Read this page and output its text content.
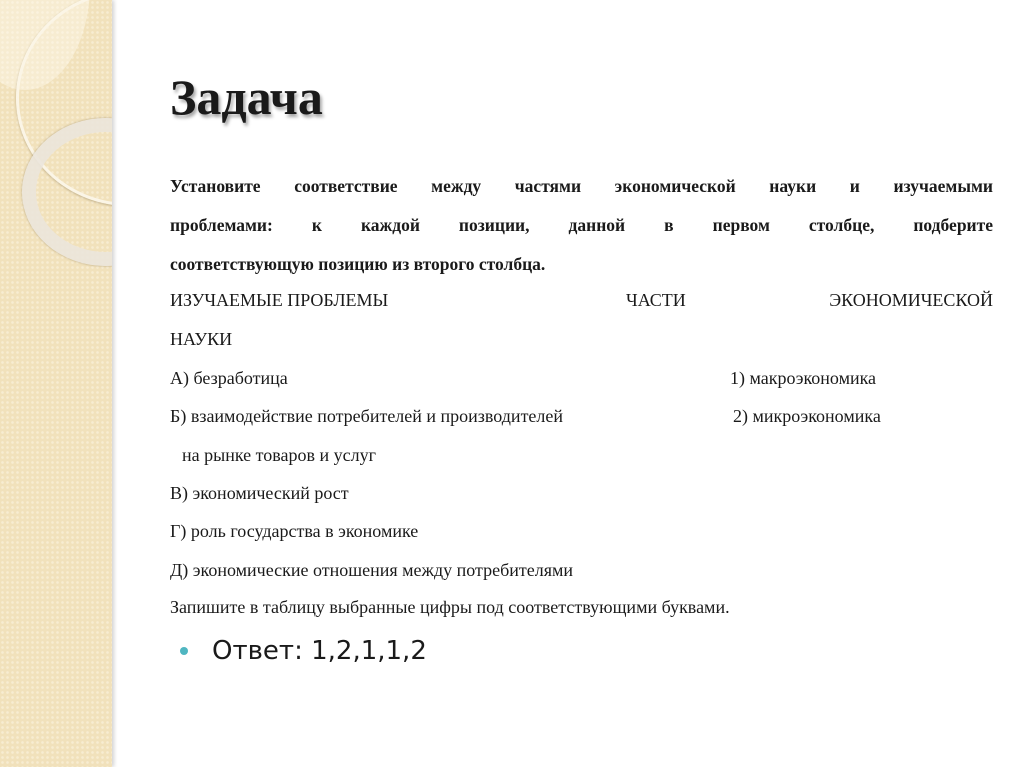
Задача
Установите соответствие между частями экономической науки и изучаемыми
проблемами: к каждой позиции, данной в первом столбце, подберите
соответствующую позицию из второго столбца.
ИЗУЧАЕМЫЕ ПРОБЛЕМЫ	ЧАСТИ	ЭКОНОМИЧЕСКОЙ
НАУКИ
А) безработица	1) макроэкономика
Б) взаимодействие потребителей и производителей	2) микроэкономика
на рынке товаров и услуг
В) экономический рост
Г) роль государства в экономике
Д) экономические отношения между потребителями
Запишите в таблицу выбранные цифры под соответствующими буквами.
Ответ: 1,2,1,1,2
